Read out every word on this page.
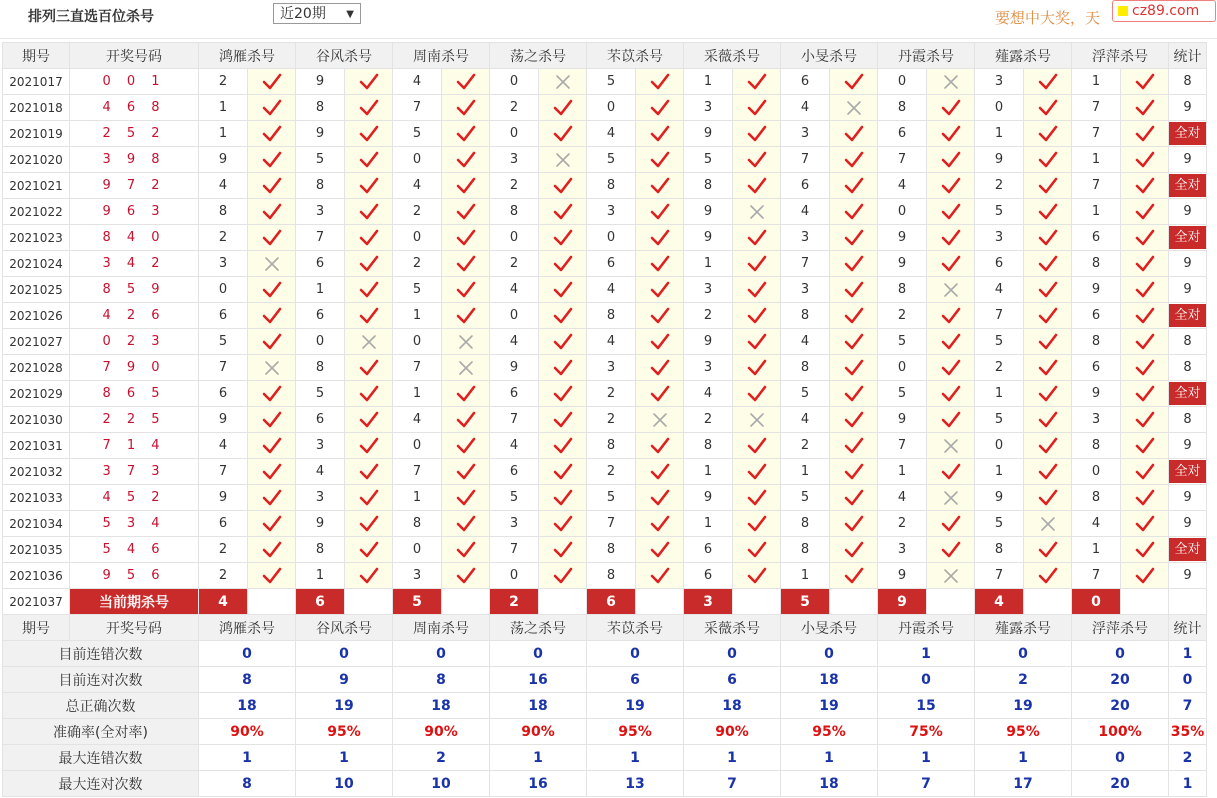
排列三直选百位杀号	近20期 ▼	要想中大奖，天	cz89.com
期号	开奖号码	鸿雁杀号		谷风杀号		周南杀号		荡之杀号		芣苡杀号		采薇杀号		小旻杀号		丹霞杀号		薤露杀号		浮萍杀号		统计
2021017	0 0 1	2		9		4		0		5		1		6		0		3		1		8
2021018	4 6 8	1		8		7		2		0		3		4		8		0		7		9
2021019	2 5 2	1		9		5		0		4		9		3		6		1		7		全对
2021020	3 9 8	9		5		0		3		5		5		7		7		9		1		9
2021021	9 7 2	4		8		4		2		8		8		6		4		2		7		全对
2021022	9 6 3	8		3		2		8		3		9		4		0		5		1		9
2021023	8 4 0	2		7		0		0		0		9		3		9		3		6		全对
2021024	3 4 2	3		6		2		2		6		1		7		9		6		8		9
2021025	8 5 9	0		1		5		4		4		3		3		8		4		9		9
2021026	4 2 6	6		6		1		0		8		2		8		2		7		6		全对
2021027	0 2 3	5		0		0		4		4		9		4		5		5		8		8
2021028	7 9 0	7		8		7		9		3		3		8		0		2		6		8
2021029	8 6 5	6		5		1		6		2		4		5		5		1		9		全对
2021030	2 2 5	9		6		4		7		2		2		4		9		5		3		8
2021031	7 1 4	4		3		0		4		8		8		2		7		0		8		9
2021032	3 7 3	7		4		7		6		2		1		1		1		1		0		全对
2021033	4 5 2	9		3		1		5		5		9		5		4		9		8		9
2021034	5 3 4	6		9		8		3		7		1		8		2		5		4		9
2021035	5 4 6	2		8		0		7		8		6		8		3		8		1		全对
2021036	9 5 6	2		1		3		0		8		6		1		9		7		7		9
2021037	当前期杀号	4		6		5		2		6		3		5		9		4		0		
期号	开奖号码	鸿雁杀号		谷风杀号		周南杀号		荡之杀号		芣苡杀号		采薇杀号		小旻杀号		丹霞杀号		薤露杀号		浮萍杀号		统计
目前连错次数		0		0		0		0		0		0		0		1		0		0		1
目前连对次数		8		9		8		16		6		6		18		0		2		20		0
总正确次数		18		19		18		18		19		18		19		15		19		20		7
准确率(全对率)		90%		95%		90%		90%		95%		90%		95%		75%		95%		100%		35%
最大连错次数		1		1		2		1		1		1		1		1		1		0		2
最大连对次数		8		10		10		16		13		7		18		7		17		20		1
